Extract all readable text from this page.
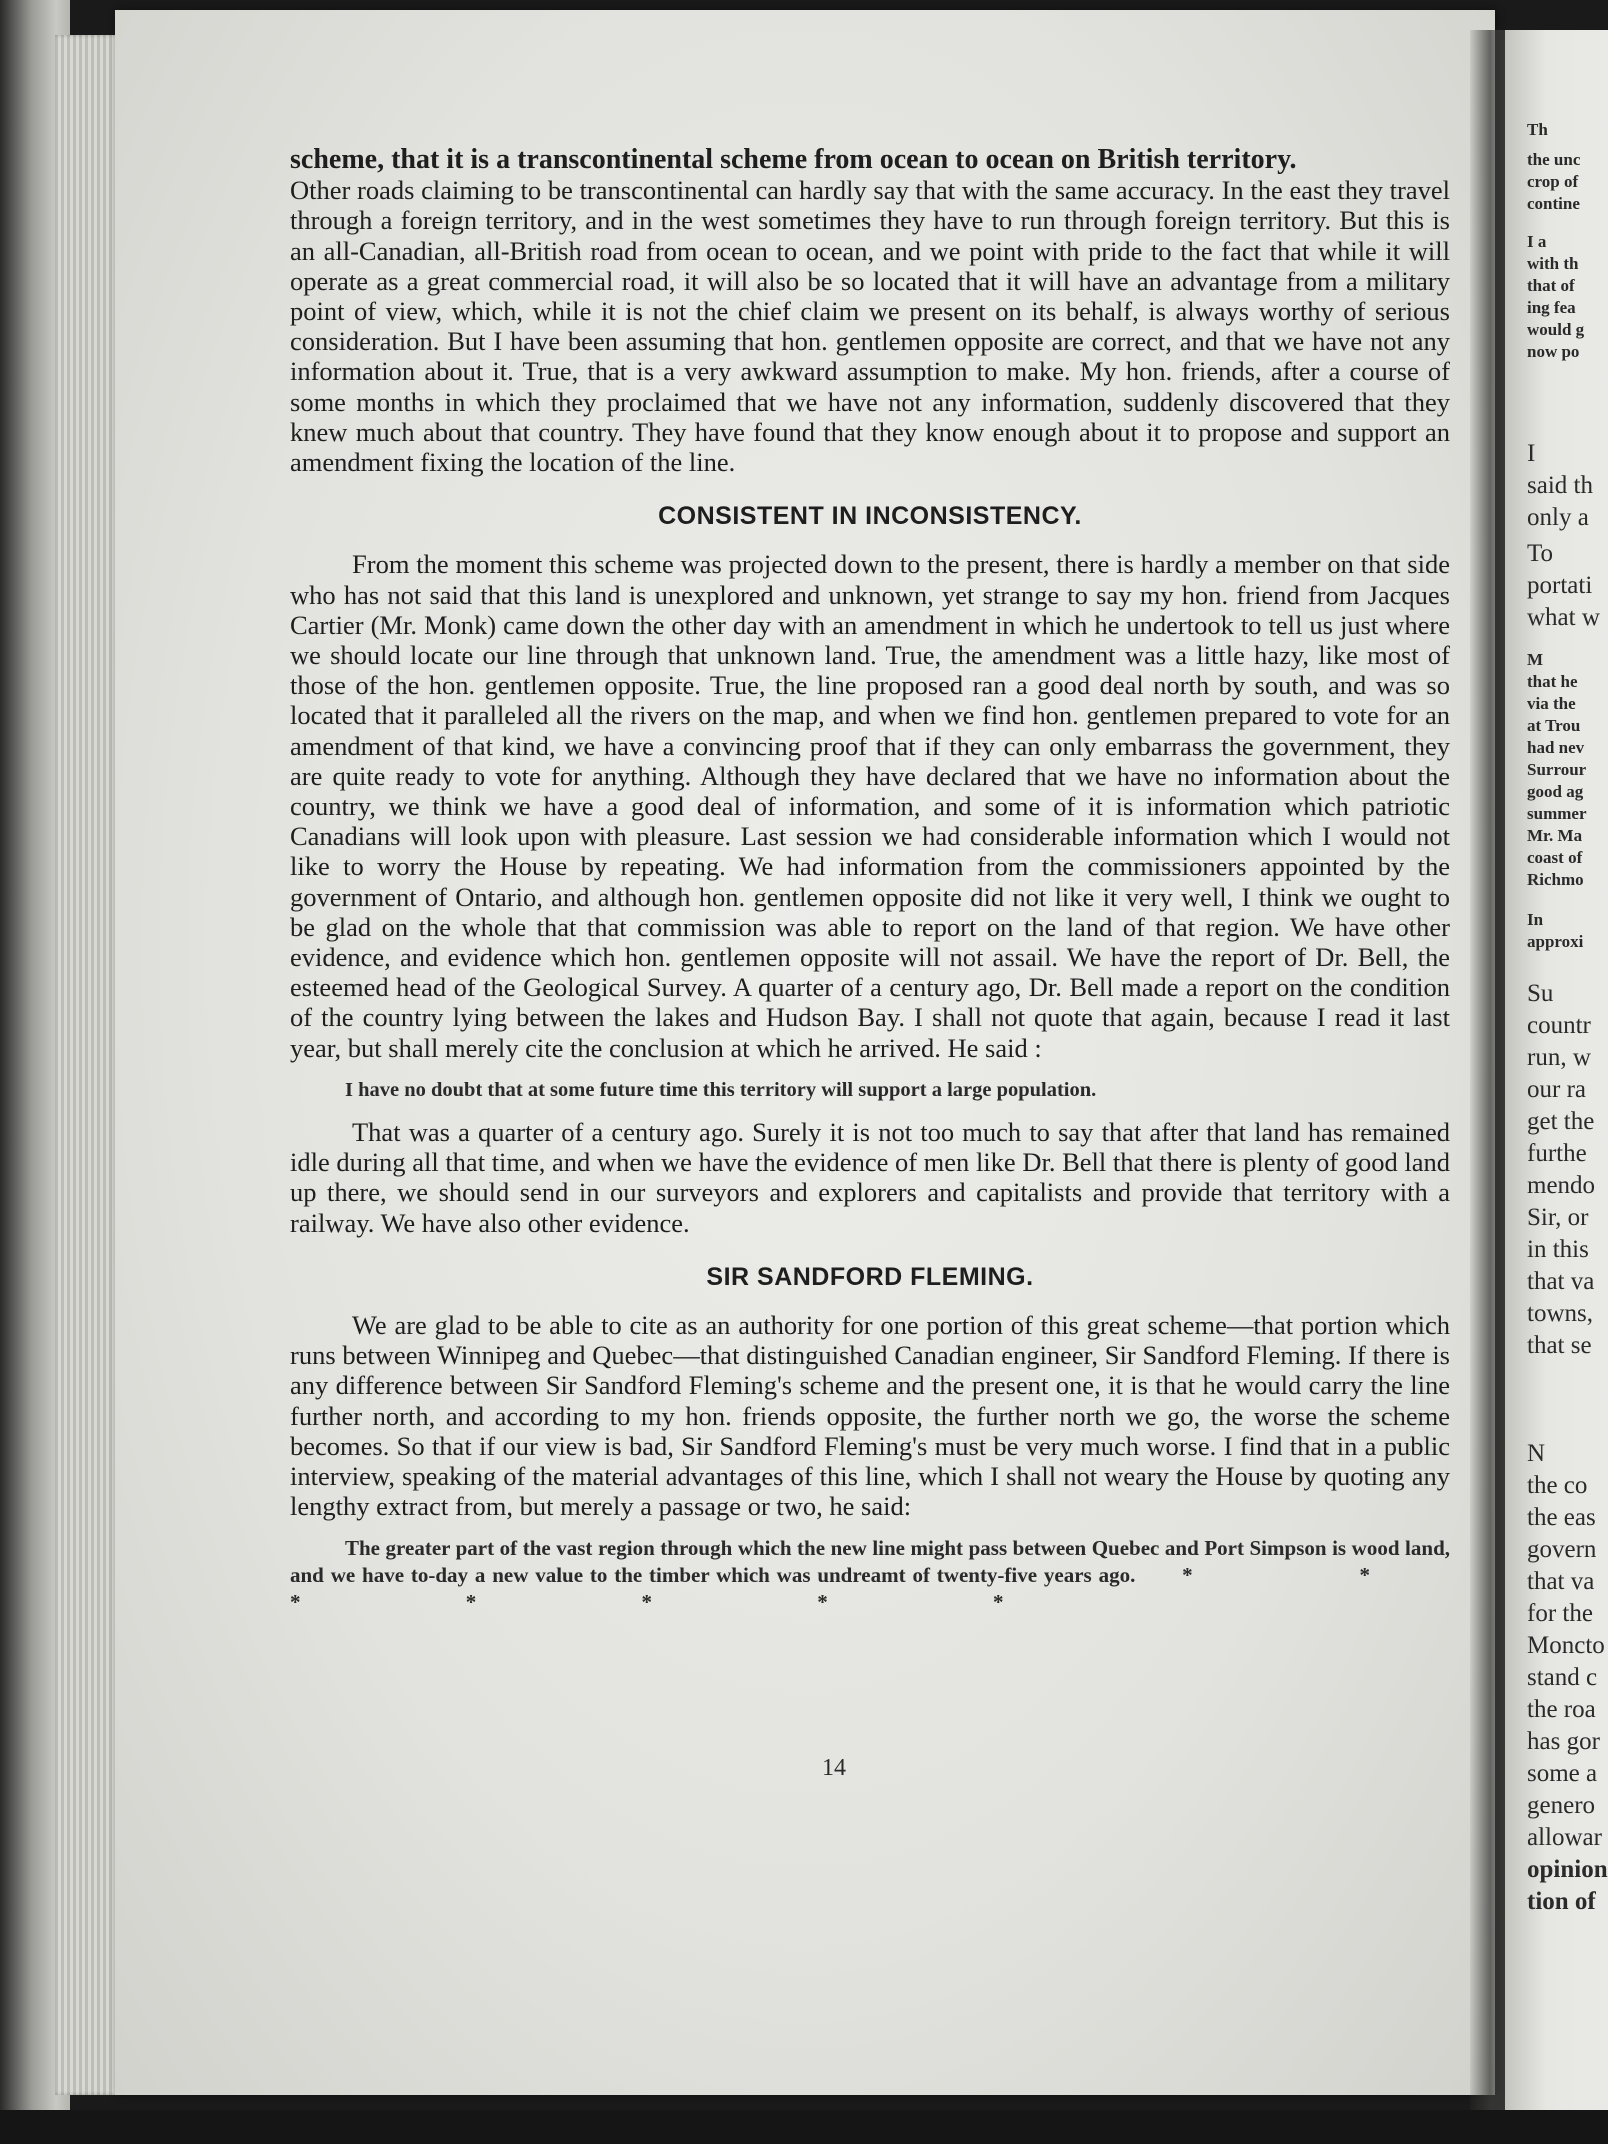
scheme, that it is a transcontinental scheme from ocean to ocean on British territory.

Other roads claiming to be transcontinental can hardly say that with the same accuracy. In the east they travel through a foreign territory, and in the west sometimes they have to run through foreign territory. But this is an all-Canadian, all-British road from ocean to ocean, and we point with pride to the fact that while it will operate as a great commercial road, it will also be so located that it will have an advantage from a military point of view, which, while it is not the chief claim we present on its behalf, is always worthy of serious consideration. But I have been assuming that hon. gentlemen opposite are correct, and that we have not any information about it. True, that is a very awkward assumption to make. My hon. friends, after a course of some months in which they proclaimed that we have not any information, suddenly discovered that they knew much about that country. They have found that they know enough about it to propose and support an amendment fixing the location of the line.

CONSISTENT IN INCONSISTENCY.

From the moment this scheme was projected down to the present, there is hardly a member on that side who has not said that this land is unexplored and unknown, yet strange to say my hon. friend from Jacques Cartier (Mr. Monk) came down the other day with an amendment in which he undertook to tell us just where we should locate our line through that unknown land. True, the amendment was a little hazy, like most of those of the hon. gentlemen opposite. True, the line proposed ran a good deal north by south, and was so located that it paralleled all the rivers on the map, and when we find hon. gentlemen prepared to vote for an amendment of that kind, we have a convincing proof that if they can only embarrass the government, they are quite ready to vote for anything. Although they have declared that we have no information about the country, we think we have a good deal of information, and some of it is information which patriotic Canadians will look upon with pleasure. Last session we had considerable information which I would not like to worry the House by repeating. We had information from the commissioners appointed by the government of Ontario, and although hon. gentlemen opposite did not like it very well, I think we ought to be glad on the whole that that commission was able to report on the land of that region. We have other evidence, and evidence which hon. gentlemen opposite will not assail. We have the report of Dr. Bell, the esteemed head of the Geological Survey. A quarter of a century ago, Dr. Bell made a report on the condition of the country lying between the lakes and Hudson Bay. I shall not quote that again, because I read it last year, but shall merely cite the conclusion at which he arrived. He said :

I have no doubt that at some future time this territory will support a large population.

That was a quarter of a century ago. Surely it is not too much to say that after that land has remained idle during all that time, and when we have the evidence of men like Dr. Bell that there is plenty of good land up there, we should send in our surveyors and explorers and capitalists and provide that territory with a railway. We have also other evidence.

SIR SANDFORD FLEMING.

We are glad to be able to cite as an authority for one portion of this great scheme—that portion which runs between Winnipeg and Quebec—that distinguished Canadian engineer, Sir Sandford Fleming. If there is any difference between Sir Sandford Fleming's scheme and the present one, it is that he would carry the line further north, and according to my hon. friends opposite, the further north we go, the worse the scheme becomes. So that if our view is bad, Sir Sandford Fleming's must be very much worse. I find that in a public interview, speaking of the material advantages of this line, which I shall not weary the House by quoting any lengthy extract from, but merely a passage or two, he said:

The greater part of the vast region through which the new line might pass between Quebec and Port Simpson is wood land, and we have to-day a new value to the timber which was undreamt of twenty-five years ago. * * * * * * *
14
Th
the unc
crop of
contine
I a
with th
that of
ing fea
would g
now po
I
said th
only a
To
portati
what w
M
that he
via the
at Trou
had nev
Surrour
good ag
summer
Mr. Ma
coast of
Richmo
In
approxi
Su
countr
run, w
our ra
get the
furthe
mendo
Sir, or
in this
that va
towns,
that se
N
the co
the eas
govern
that va
for the
Moncto
stand c
the roa
has gor
some a
genero
allowar
opinion
tion of
